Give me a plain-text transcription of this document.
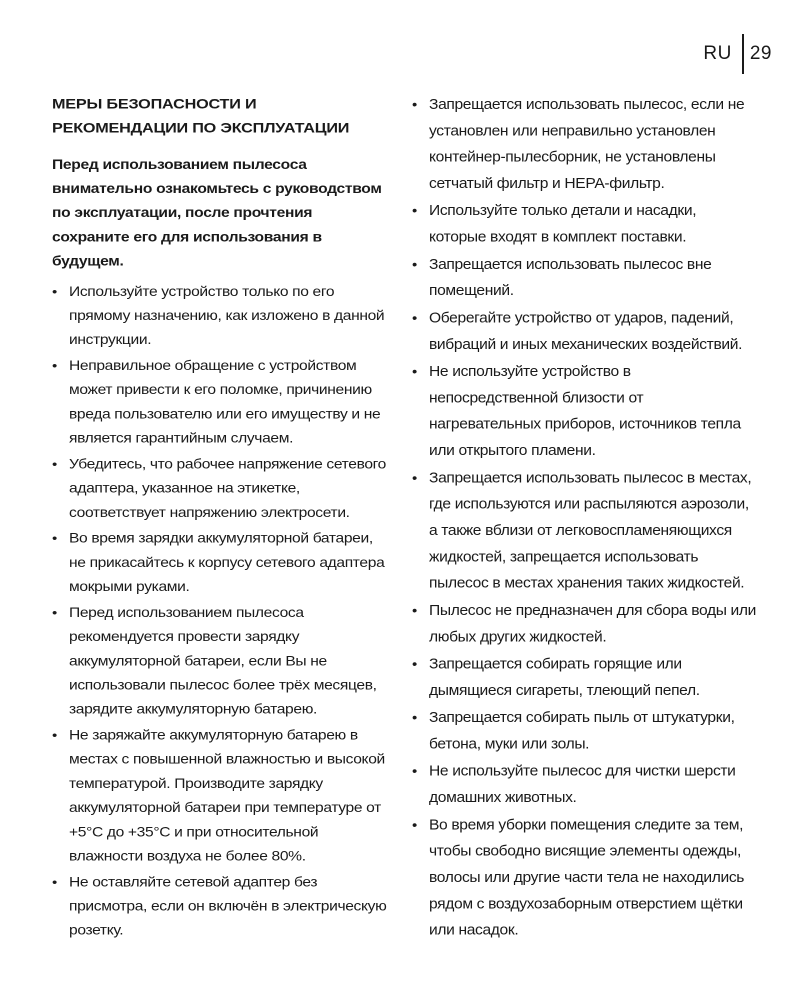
RU 29
МЕРЫ БЕЗОПАСНОСТИ И РЕКОМЕНДАЦИИ ПО ЭКСПЛУАТАЦИИ
Перед использованием пылесоса внимательно ознакомьтесь с руководством по эксплуатации, после прочтения сохраните его для использования в будущем.
• Используйте устройство только по его прямому назначению, как изложено в данной инструкции.
• Неправильное обращение с устройством может привести к его поломке, причинению вреда пользователю или его имуществу и не является гарантийным случаем.
• Убедитесь, что рабочее напряжение сетевого адаптера, указанное на этикетке, соответствует напряжению электросети.
• Во время зарядки аккумуляторной батареи, не прикасайтесь к корпусу сетевого адаптера мокрыми руками.
• Перед использованием пылесоса рекомендуется провести зарядку аккумуляторной батареи, если Вы не использовали пылесос более трёх месяцев, зарядите аккумуляторную батарею.
• Не заряжайте аккумуляторную батарею в местах с повышенной влажностью и высокой температурой. Производите зарядку аккумуляторной батареи при температуре от +5°С до +35°С и при относительной влажности воздуха не более 80%.
• Не оставляйте сетевой адаптер без присмотра, если он включён в электрическую розетку.
• Запрещается использовать пылесос, если не установлен или неправильно установлен контейнер-пылесборник, не установлены сетчатый фильтр и НЕРА-фильтр.
• Используйте только детали и насадки, которые входят в комплект поставки.
• Запрещается использовать пылесос вне помещений.
• Оберегайте устройство от ударов, падений, вибраций и иных механических воздействий.
• Не используйте устройство в непосредственной близости от нагревательных приборов, источников тепла или открытого пламени.
• Запрещается использовать пылесос в местах, где используются или распыляются аэрозоли, а также вблизи от легковоспламеняющихся жидкостей, запрещается использовать пылесос в местах хранения таких жидкостей.
• Пылесос не предназначен для сбора воды или любых других жидкостей.
• Запрещается собирать горящие или дымящиеся сигареты, тлеющий пепел.
• Запрещается собирать пыль от штукатурки, бетона, муки или золы.
• Не используйте пылесос для чистки шерсти домашних животных.
• Во время уборки помещения следите за тем, чтобы свободно висящие элементы одежды, волосы или другие части тела не находились рядом с воздухозаборным отверстием щётки или насадок.
